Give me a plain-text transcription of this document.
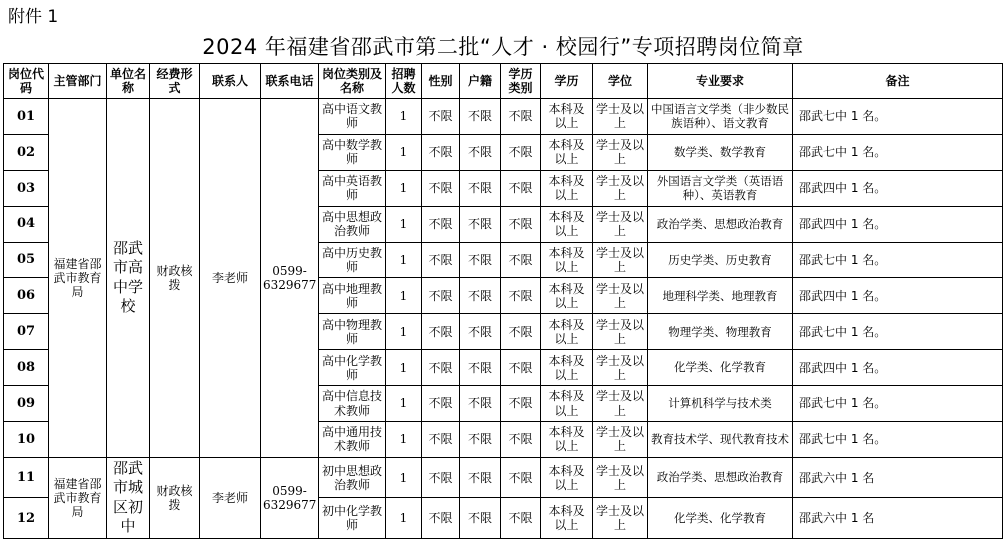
附件 1
2024 年福建省邵武市第二批“人才 · 校园行”专项招聘岗位简章
岗位代码	主管部门	单位名称	经费形式	联系人	联系电话	岗位类别及名称	招聘人数	性别	户籍	学历类别	学历	学位	专业要求	备注
01	福建省邵武市教育局	邵武市高中学校	财政核拨	李老师	0599-6329677	高中语文教师	1	不限	不限	不限	本科及以上	学士及以上	中国语言文学类（非少数民族语种）、语文教育	邵武七中 1 名。
02						高中数学教师	1	不限	不限	不限	本科及以上	学士及以上	数学类、数学教育	邵武七中 1 名。
03						高中英语教师	1	不限	不限	不限	本科及以上	学士及以上	外国语言文学类（英语语种）、英语教育	邵武四中 1 名。
04						高中思想政治教师	1	不限	不限	不限	本科及以上	学士及以上	政治学类、思想政治教育	邵武四中 1 名。
05						高中历史教师	1	不限	不限	不限	本科及以上	学士及以上	历史学类、历史教育	邵武七中 1 名。
06						高中地理教师	1	不限	不限	不限	本科及以上	学士及以上	地理科学类、地理教育	邵武四中 1 名。
07						高中物理教师	1	不限	不限	不限	本科及以上	学士及以上	物理学类、物理教育	邵武七中 1 名。
08						高中化学教师	1	不限	不限	不限	本科及以上	学士及以上	化学类、化学教育	邵武四中 1 名。
09						高中信息技术教师	1	不限	不限	不限	本科及以上	学士及以上	计算机科学与技术类	邵武七中 1 名。
10						高中通用技术教师	1	不限	不限	不限	本科及以上	学士及以上	教育技术学、现代教育技术	邵武七中 1 名。
11	福建省邵武市教育局	邵武市城区初中	财政核拨	李老师	0599-6329677	初中思想政治教师	1	不限	不限	不限	本科及以上	学士及以上	政治学类、思想政治教育	邵武六中 1 名
12						初中化学教师	1	不限	不限	不限	本科及以上	学士及以上	化学类、化学教育	邵武六中 1 名
